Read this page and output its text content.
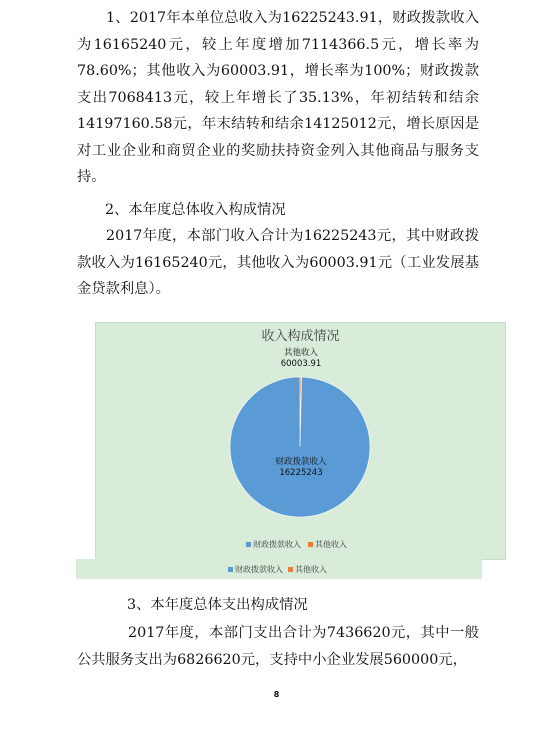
1、2017年本单位总收入为16225243.91，财政拨款收入为16165240元，较上年度增加7114366.5元，增长率为78.60%；其他收入为60003.91，增长率为100%；财政拨款支出7068413元，较上年增长了35.13%，年初结转和结余14197160.58元，年末结转和结余14125012元，增长原因是对工业企业和商贸企业的奖励扶持资金列入其他商品与服务支持。

2、本年度总体收入构成情况

2017年度，本部门收入合计为16225243元，其中财政拨款收入为16165240元，其他收入为60003.91元（工业发展基金贷款利息）。

收入构成情况
其他收入
60003.91
财政拨款收入
16225243
财政拨款收入 其他收入
财政拨款收入 其他收入

3、本年度总体支出构成情况

2017年度，本部门支出合计为7436620元，其中一般公共服务支出为6826620元，支持中小企业发展560000元，

8
